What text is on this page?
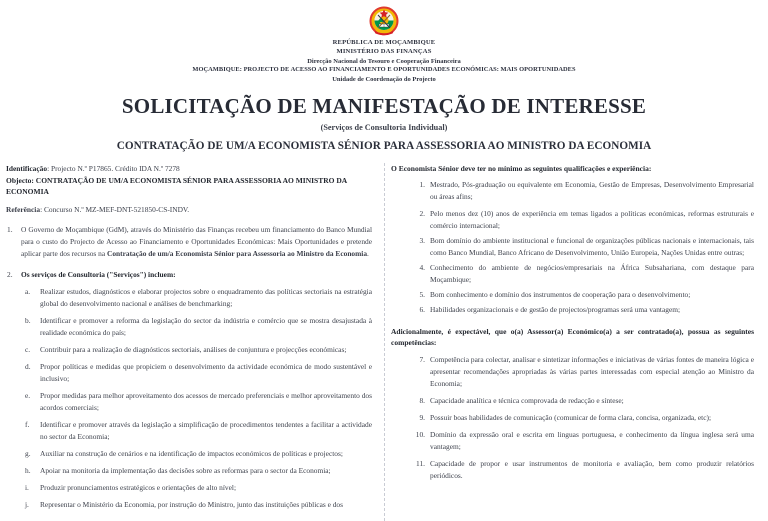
REPÚBLICA DE MOÇAMBIQUE
MINISTÉRIO DAS FINANÇAS
Direcção Nacional do Tesouro e Cooperação Financeira
MOÇAMBIQUE: PROJECTO DE ACESSO AO FINANCIAMENTO E OPORTUNIDADES ECONÓMICAS: MAIS OPORTUNIDADES
Unidade de Coordenação do Projecto
SOLICITAÇÃO DE MANIFESTAÇÃO DE INTERESSE
(Serviços de Consultoria Individual)
CONTRATAÇÃO DE UM/A ECONOMISTA SÉNIOR PARA ASSESSORIA AO MINISTRO DA ECONOMIA
Identificação: Projecto N.º P17865. Crédito IDA N.º 7278
Objecto: CONTRATAÇÃO DE UM/A ECONOMISTA SÉNIOR PARA ASSESSORIA AO MINISTRO DA ECONOMIA
Referência: Concurso N.º MZ-MEF-DNT-521850-CS-INDV.
1.	O Governo de Moçambique (GdM), através do Ministério das Finanças recebeu um financiamento do Banco Mundial para o custo do Projecto de Acesso ao Financiamento e Oportunidades Económicas: Mais Oportunidades e pretende aplicar parte dos recursos na Contratação de um/a Economista Sénior para Assessoria ao Ministro da Economia.
2.	Os serviços de Consultoria ("Serviços") incluem:
a.	Realizar estudos, diagnósticos e elaborar projectos sobre o enquadramento das políticas sectoriais na estratégia global do desenvolvimento nacional e análises de benchmarking;
b.	Identificar e promover a reforma da legislação do sector da indústria e comércio que se mostra desajustada à realidade económica do país;
c.	Contribuir para a realização de diagnósticos sectoriais, análises de conjuntura e projecções económicas;
d.	Propor políticas e medidas que propiciem o desenvolvimento da actividade económica de modo sustentável e inclusivo;
e.	Propor medidas para melhor aproveitamento dos acessos de mercado preferenciais e melhor aproveitamento dos acordos comerciais;
f.	Identificar e promover através da legislação a simplificação de procedimentos tendentes a facilitar a actividade no sector da Economia;
g.	Auxiliar na construção de cenários e na identificação de impactos económicos de políticas e projectos;
h.	Apoiar na monitoria da implementação das decisões sobre as reformas para o sector da Economia;
i.	Produzir pronunciamentos estratégicos e orientações de alto nível;
j.	Representar o Ministério da Economia, por instrução do Ministro, junto das instituições públicas e dos
O Economista Sénior deve ter no mínimo as seguintes qualificações e experiência:
1. Mestrado, Pós-graduação ou equivalente em Economia, Gestão de Empresas, Desenvolvimento Empresarial ou áreas afins;
2. Pelo menos dez (10) anos de experiência em temas ligados a políticas económicas, reformas estruturais e comércio internacional;
3. Bom domínio do ambiente institucional e funcional de organizações públicas nacionais e internacionais, tais como Banco Mundial, Banco Africano de Desenvolvimento, União Europeia, Nações Unidas entre outras;
4. Conhecimento do ambiente de negócios/empresariais na África Subsahariana, com destaque para Moçambique;
5. Bom conhecimento e domínio dos instrumentos de cooperação para o desenvolvimento;
6. Habilidades organizacionais e de gestão de projectos/programas será uma vantagem;
Adicionalmente, é expectável, que o(a) Assessor(a) Económico(a) a ser contratado(a), possua as seguintes competências:
7. Competência para colectar, analisar e sintetizar informações e iniciativas de várias fontes de maneira lógica e apresentar recomendações apropriadas às várias partes interessadas com especial atenção ao Ministro da Economia;
8. Capacidade analítica e técnica comprovada de redacção e síntese;
9. Possuir boas habilidades de comunicação (comunicar de forma clara, concisa, organizada, etc);
10. Domínio da expressão oral e escrita em linguas portuguesa, e conhecimento da língua inglesa será uma vantagem;
11. Capacidade de propor e usar instrumentos de monitoria e avaliação, bem como produzir relatórios periódicos.
